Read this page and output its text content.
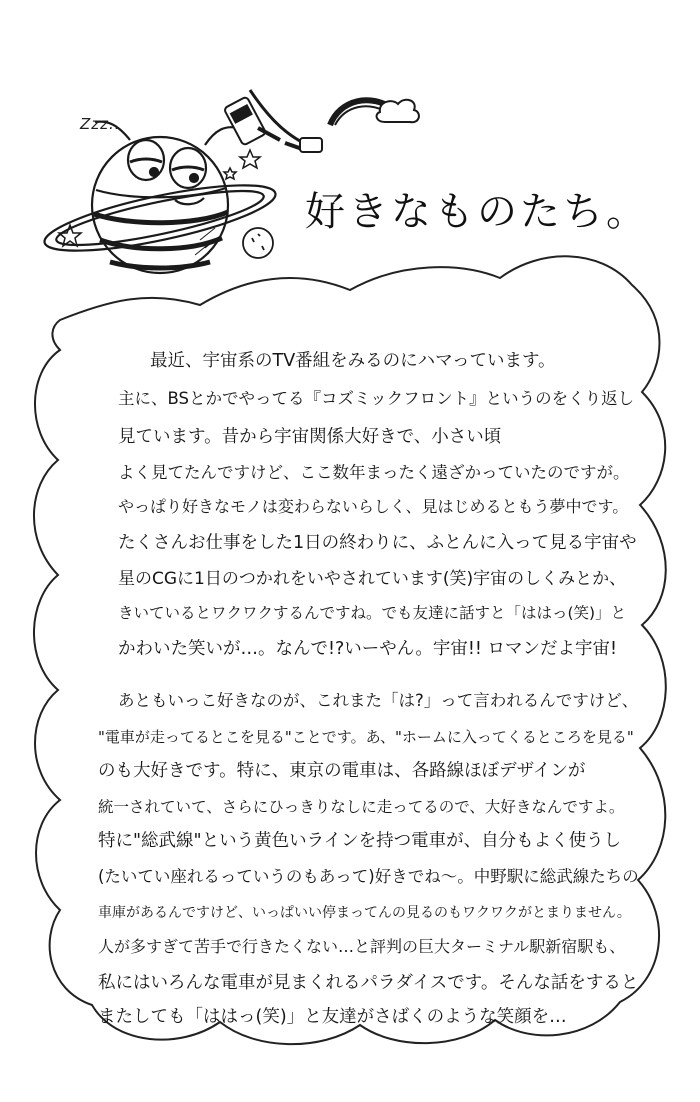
Zzz..
好きなものたち。
最近、宇宙系のTV番組をみるのにハマっています。
主に、BSとかでやってる『コズミックフロント』というのをくり返し
見ています。昔から宇宙関係大好きで、小さい頃
よく見てたんですけど、ここ数年まったく遠ざかっていたのですが。
やっぱり好きなモノは変わらないらしく、見はじめるともう夢中です。
たくさんお仕事をした1日の終わりに、ふとんに入って見る宇宙や
星のCGに1日のつかれをいやされています(笑)宇宙のしくみとか、
きいているとワクワクするんですね。でも友達に話すと「ははっ(笑)」と
かわいた笑いが…。なんで!?いーやん。宇宙!! ロマンだよ宇宙!
あともいっこ好きなのが、これまた「は?」って言われるんですけど、
"電車が走ってるとこを見る"ことです。あ、"ホームに入ってくるところを見る"
のも大好きです。特に、東京の電車は、各路線ほぼデザインが
統一されていて、さらにひっきりなしに走ってるので、大好きなんですよ。
特に"総武線"という黄色いラインを持つ電車が、自分もよく使うし
(たいてい座れるっていうのもあって)好きでね〜。中野駅に総武線たちの
車庫があるんですけど、いっぱいい停まってんの見るのもワクワクがとまりません。
人が多すぎて苦手で行きたくない…と評判の巨大ターミナル駅新宿駅も、
私にはいろんな電車が見まくれるパラダイスです。そんな話をすると
またしても「ははっ(笑)」と友達がさばくのような笑顔を…
